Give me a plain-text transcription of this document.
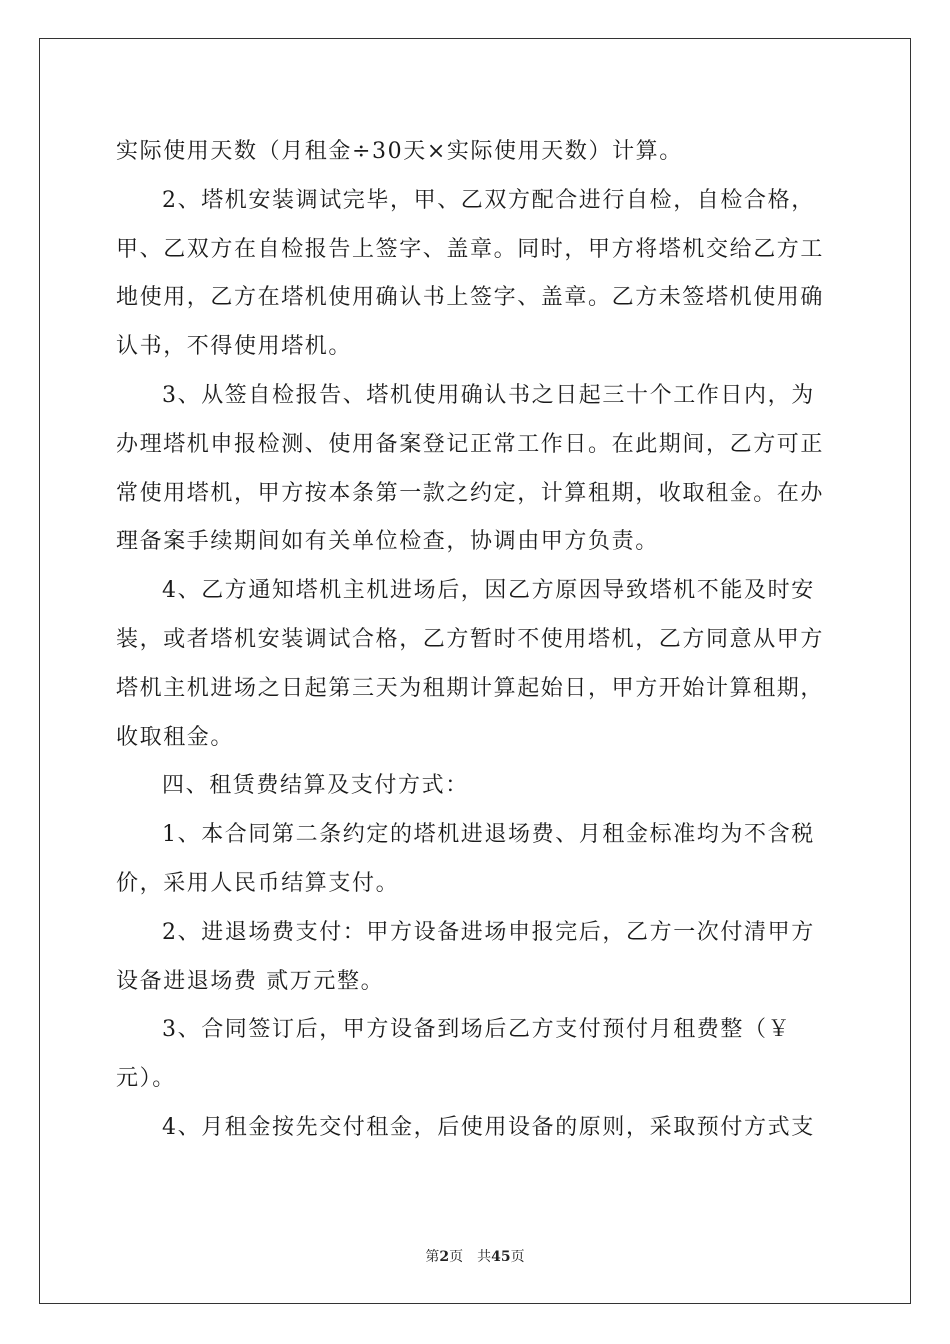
实际使用天数（月租金÷30天×实际使用天数）计算。
2、塔机安装调试完毕，甲、乙双方配合进行自检，自检合格，
甲、乙双方在自检报告上签字、盖章。同时，甲方将塔机交给乙方工
地使用，乙方在塔机使用确认书上签字、盖章。乙方未签塔机使用确
认书，不得使用塔机。
3、从签自检报告、塔机使用确认书之日起三十个工作日内，为
办理塔机申报检测、使用备案登记正常工作日。在此期间，乙方可正
常使用塔机，甲方按本条第一款之约定，计算租期，收取租金。在办
理备案手续期间如有关单位检查，协调由甲方负责。
4、乙方通知塔机主机进场后，因乙方原因导致塔机不能及时安
装，或者塔机安装调试合格，乙方暂时不使用塔机，乙方同意从甲方
塔机主机进场之日起第三天为租期计算起始日，甲方开始计算租期，
收取租金。
四、租赁费结算及支付方式：
1、本合同第二条约定的塔机进退场费、月租金标准均为不含税
价，采用人民币结算支付。
2、进退场费支付：甲方设备进场申报完后，乙方一次付清甲方
设备进退场费 贰万元整。
3、合同签订后，甲方设备到场后乙方支付预付月租费整（￥
元）。
4、月租金按先交付租金，后使用设备的原则，采取预付方式支
第2页 共45页
